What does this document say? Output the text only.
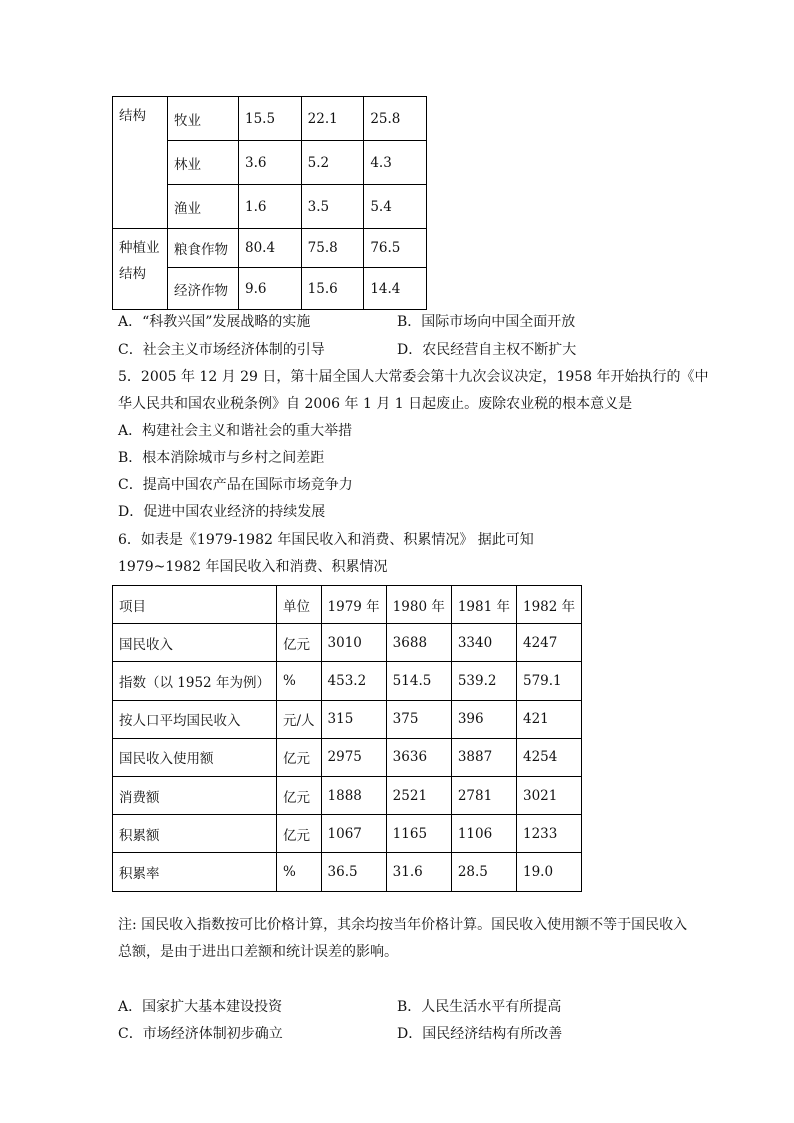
结构	牧业	15.5	22.1	25.8
	林业	3.6	5.2	4.3
	渔业	1.6	3.5	5.4
种植业结构	粮食作物	80.4	75.8	76.5
	经济作物	9.6	15.6	14.4
A．“科教兴国”发展战略的实施	B．国际市场向中国全面开放
C．社会主义市场经济体制的引导	D．农民经营自主权不断扩大
5．2005 年 12 月 29 日，第十届全国人大常委会第十九次会议决定，1958 年开始执行的《中
华人民共和国农业税条例》自 2006 年 1 月 1 日起废止。废除农业税的根本意义是
A．构建社会主义和谐社会的重大举措
B．根本消除城市与乡村之间差距
C．提高中国农产品在国际市场竞争力
D．促进中国农业经济的持续发展
6．如表是《1979-1982 年国民收入和消费、积累情况》 据此可知
1979~1982 年国民收入和消费、积累情况
项目	单位	1979 年	1980 年	1981 年	1982 年
国民收入	亿元	3010	3688	3340	4247
指数（以 1952 年为例）	%	453.2	514.5	539.2	579.1
按人口平均国民收入	元/人	315	375	396	421
国民收入使用额	亿元	2975	3636	3887	4254
消费额	亿元	1888	2521	2781	3021
积累额	亿元	1067	1165	1106	1233
积累率	%	36.5	31.6	28.5	19.0
注: 国民收入指数按可比价格计算，其余均按当年价格计算。国民收入使用额不等于国民收入总额，是由于进出口差额和统计误差的影响。
A．国家扩大基本建设投资	B．人民生活水平有所提高
C．市场经济体制初步确立	D．国民经济结构有所改善
